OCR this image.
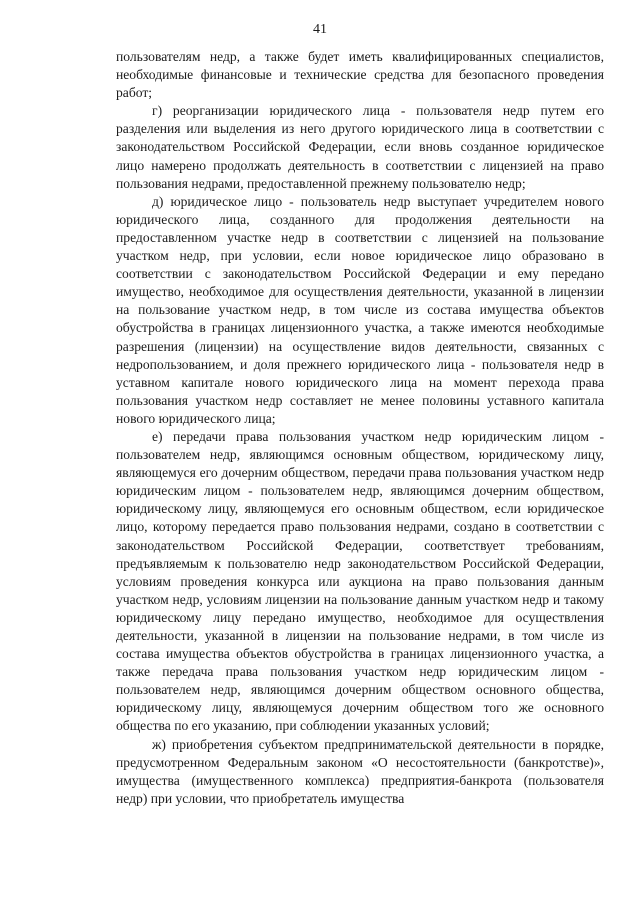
41

пользователям недр, а также будет иметь квалифицированных специалистов, необходимые финансовые и технические средства для безопасного проведения работ;

г) реорганизации юридического лица - пользователя недр путем его разделения или выделения из него другого юридического лица в соответствии с законодательством Российской Федерации, если вновь созданное юридическое лицо намерено продолжать деятельность в соответствии с лицензией на право пользования недрами, предоставленной прежнему пользователю недр;

д) юридическое лицо - пользователь недр выступает учредителем нового юридического лица, созданного для продолжения деятельности на предоставленном участке недр в соответствии с лицензией на пользование участком недр, при условии, если новое юридическое лицо образовано в соответствии с законодательством Российской Федерации и ему передано имущество, необходимое для осуществления деятельности, указанной в лицензии на пользование участком недр, в том числе из состава имущества объектов обустройства в границах лицензионного участка, а также имеются необходимые разрешения (лицензии) на осуществление видов деятельности, связанных с недропользованием, и доля прежнего юридического лица - пользователя недр в уставном капитале нового юридического лица на момент перехода права пользования участком недр составляет не менее половины уставного капитала нового юридического лица;

е) передачи права пользования участком недр юридическим лицом - пользователем недр, являющимся основным обществом, юридическому лицу, являющемуся его дочерним обществом, передачи права пользования участком недр юридическим лицом - пользователем недр, являющимся дочерним обществом, юридическому лицу, являющемуся его основным обществом, если юридическое лицо, которому передается право пользования недрами, создано в соответствии с законодательством Российской Федерации, соответствует требованиям, предъявляемым к пользователю недр законодательством Российской Федерации, условиям проведения конкурса или аукциона на право пользования данным участком недр, условиям лицензии на пользование данным участком недр и такому юридическому лицу передано имущество, необходимое для осуществления деятельности, указанной в лицензии на пользование недрами, в том числе из состава имущества объектов обустройства в границах лицензионного участка, а также передача права пользования участком недр юридическим лицом - пользователем недр, являющимся дочерним обществом основного общества, юридическому лицу, являющемуся дочерним обществом того же основного общества по его указанию, при соблюдении указанных условий;

ж) приобретения субъектом предпринимательской деятельности в порядке, предусмотренном Федеральным законом «О несостоятельности (банкротстве)», имущества (имущественного комплекса) предприятия-банкрота (пользователя недр) при условии, что приобретатель имущества
